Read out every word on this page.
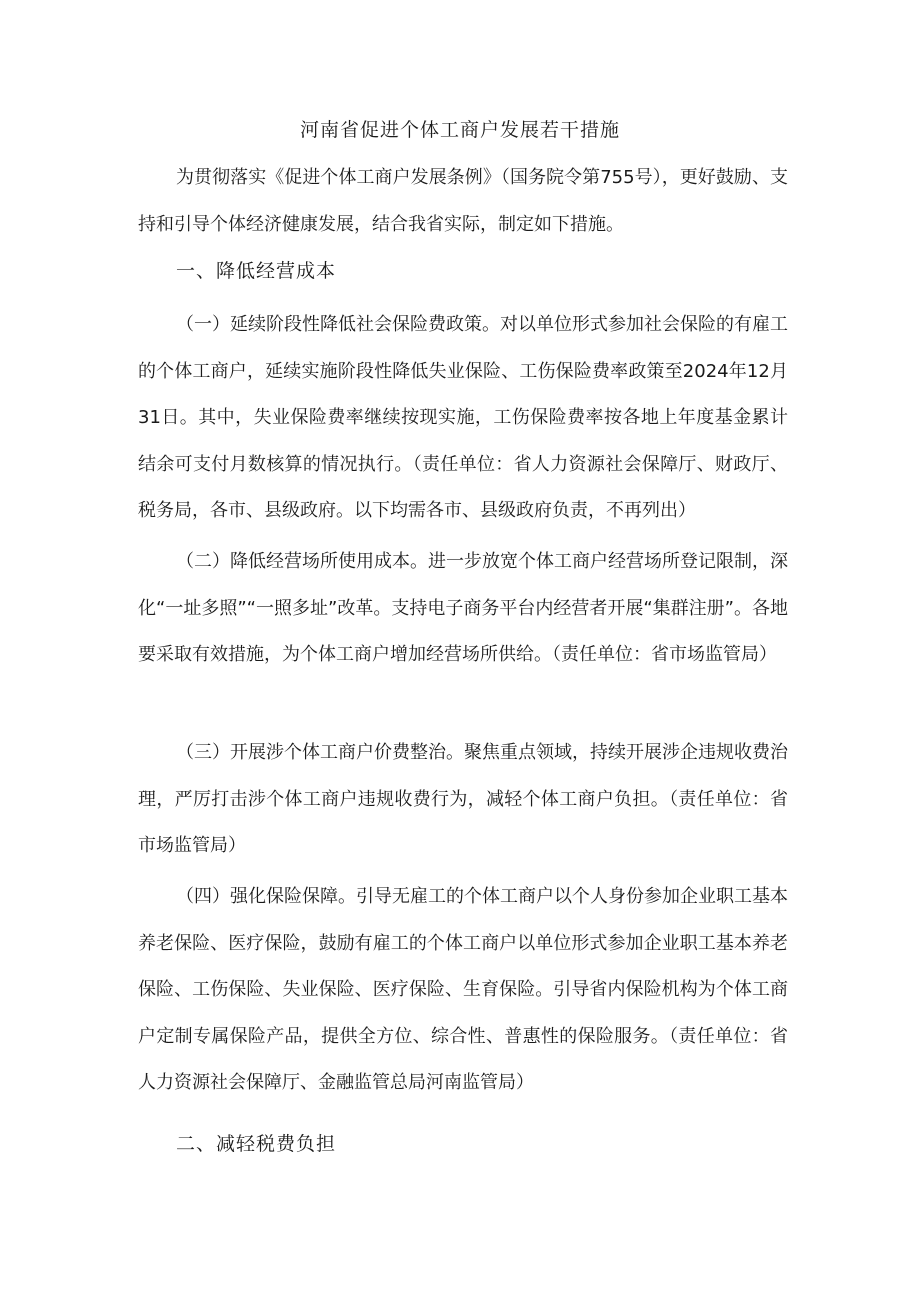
河南省促进个体工商户发展若干措施
为贯彻落实《促进个体工商户发展条例》（国务院令第755号），更好鼓励、支持和引导个体经济健康发展，结合我省实际，制定如下措施。
一、降低经营成本
（一）延续阶段性降低社会保险费政策。对以单位形式参加社会保险的有雇工的个体工商户，延续实施阶段性降低失业保险、工伤保险费率政策至2024年12月31日。其中，失业保险费率继续按现实施，工伤保险费率按各地上年度基金累计结余可支付月数核算的情况执行。（责任单位：省人力资源社会保障厅、财政厅、税务局，各市、县级政府。以下均需各市、县级政府负责，不再列出）
（二）降低经营场所使用成本。进一步放宽个体工商户经营场所登记限制，深化“一址多照”“一照多址”改革。支持电子商务平台内经营者开展“集群注册”。各地要采取有效措施，为个体工商户增加经营场所供给。（责任单位：省市场监管局）
（三）开展涉个体工商户价费整治。聚焦重点领域，持续开展涉企违规收费治理，严厉打击涉个体工商户违规收费行为，减轻个体工商户负担。（责任单位：省市场监管局）
（四）强化保险保障。引导无雇工的个体工商户以个人身份参加企业职工基本养老保险、医疗保险，鼓励有雇工的个体工商户以单位形式参加企业职工基本养老保险、工伤保险、失业保险、医疗保险、生育保险。引导省内保险机构为个体工商户定制专属保险产品，提供全方位、综合性、普惠性的保险服务。（责任单位：省人力资源社会保障厅、金融监管总局河南监管局）
二、减轻税费负担
